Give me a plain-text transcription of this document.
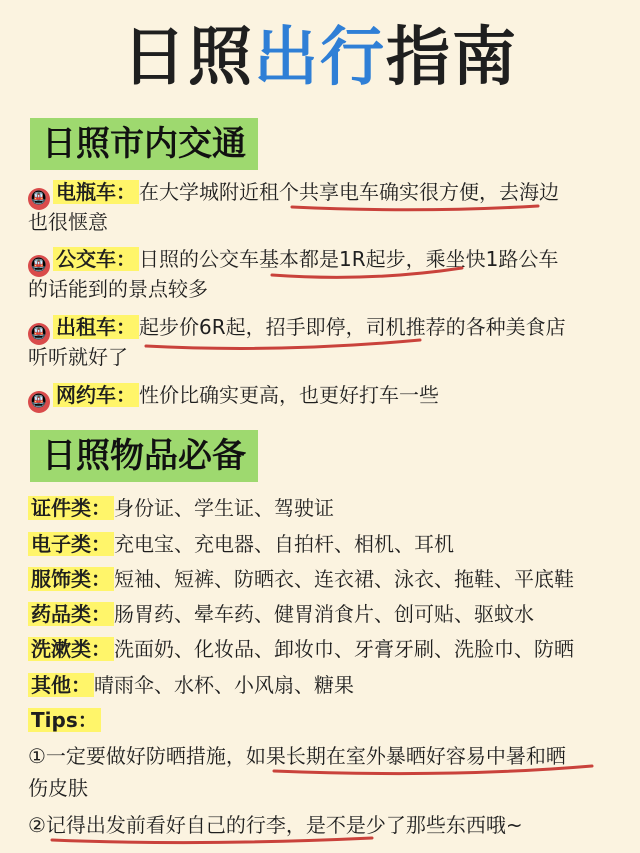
日照出行指南
日照市内交通
🚇 电瓶车： 在大学城附近租个共享电车确实很方便，去海边
也很惬意
🚇 公交车： 日照的公交车基本都是1R起步，乘坐快1路公车
的话能到的景点较多
🚇 出租车： 起步价6R起，招手即停，司机推荐的各种美食店
听听就好了
🚇 网约车： 性价比确实更高，也更好打车一些
日照物品必备
证件类： 身份证、学生证、驾驶证
电子类： 充电宝、充电器、自拍杆、相机、耳机
服饰类： 短袖、短裤、防晒衣、连衣裙、泳衣、拖鞋、平底鞋
药品类： 肠胃药、晕车药、健胃消食片、创可贴、驱蚊水
洗漱类： 洗面奶、化妆品、卸妆巾、牙膏牙刷、洗脸巾、防晒
其他： 晴雨伞、水杯、小风扇、糖果
Tips：
①一定要做好防晒措施，如果长期在室外暴晒好容易中暑和晒
伤皮肤
②记得出发前看好自己的行李，是不是少了那些东西哦~
